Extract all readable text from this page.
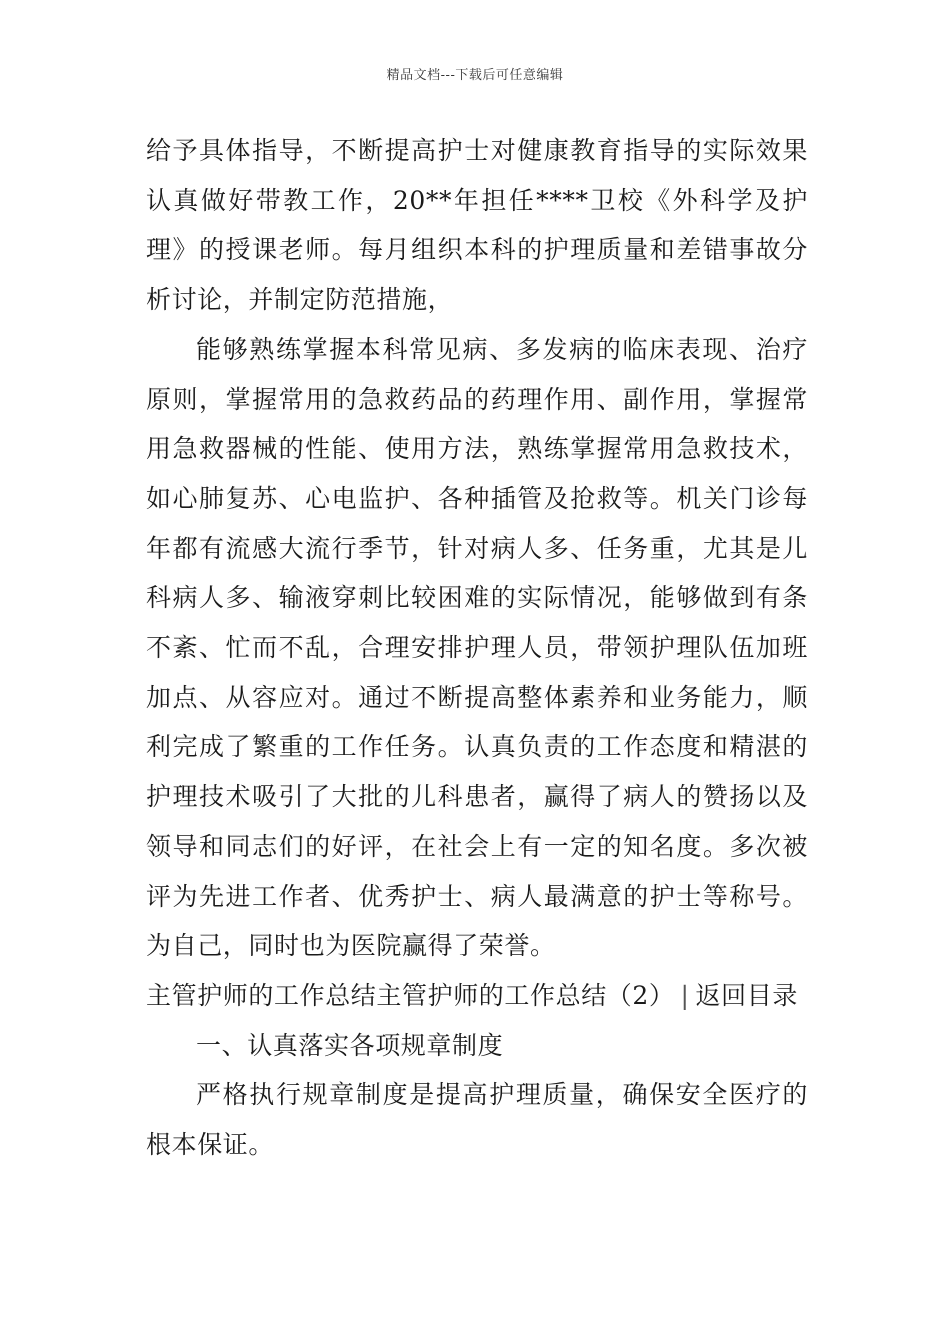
精品文档---下载后可任意编辑

给予具体指导，不断提高护士对健康教育指导的实际效果认真做好带教工作，20**年担任****卫校《外科学及护理》的授课老师。每月组织本科的护理质量和差错事故分析讨论，并制定防范措施，

能够熟练掌握本科常见病、多发病的临床表现、治疗原则，掌握常用的急救药品的药理作用、副作用，掌握常用急救器械的性能、使用方法，熟练掌握常用急救技术，如心肺复苏、心电监护、各种插管及抢救等。机关门诊每年都有流感大流行季节，针对病人多、任务重，尤其是儿科病人多、输液穿刺比较困难的实际情况，能够做到有条不紊、忙而不乱，合理安排护理人员，带领护理队伍加班加点、从容应对。通过不断提高整体素养和业务能力，顺利完成了繁重的工作任务。认真负责的工作态度和精湛的护理技术吸引了大批的儿科患者，赢得了病人的赞扬以及领导和同志们的好评，在社会上有一定的知名度。多次被评为先进工作者、优秀护士、病人最满意的护士等称号。为自己，同时也为医院赢得了荣誉。

主管护师的工作总结主管护师的工作总结（2） | 返回目录

一、认真落实各项规章制度

严格执行规章制度是提高护理质量，确保安全医疗的根本保证。
